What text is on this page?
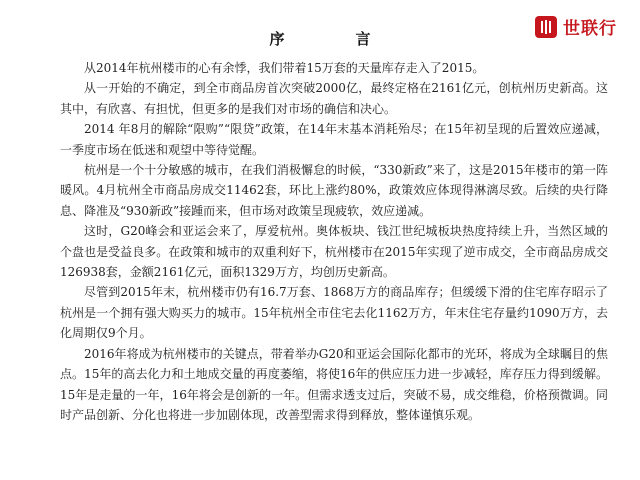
序　言	世联行

从2014年杭州楼市的心有余悸，我们带着15万套的天量库存走入了2015。

从一开始的不确定，到全市商品房首次突破2000亿，最终定格在2161亿元，创杭州历史新高。这其中，有欣喜、有担忧，但更多的是我们对市场的确信和决心。

2014 年8月的解除“限购”“限贷”政策，在14年末基本消耗殆尽；在15年初呈现的后置效应递减，一季度市场在低迷和观望中等待觉醒。

杭州是一个十分敏感的城市，在我们消极懈怠的时候，“330新政”来了，这是2015年楼市的第一阵暖风。4月杭州全市商品房成交11462套，环比上涨约80%，政策效应体现得淋漓尽致。后续的央行降息、降准及“930新政”接踵而来，但市场对政策呈现疲软，效应递减。

这时，G20峰会和亚运会来了，厚爱杭州。奥体板块、钱江世纪城板块热度持续上升，当然区域的个盘也是受益良多。在政策和城市的双重利好下，杭州楼市在2015年实现了逆市成交，全市商品房成交126938套，金额2161亿元，面积1329万方，均创历史新高。

尽管到2015年末，杭州楼市仍有16.7万套、1868万方的商品库存；但缓缓下滑的住宅库存昭示了杭州是一个拥有强大购买力的城市。15年杭州全市住宅去化1162万方，年末住宅存量约1090万方，去化周期仅9个月。

2016年将成为杭州楼市的关键点，带着举办G20和亚运会国际化都市的光环，将成为全球瞩目的焦点。15年的高去化力和土地成交量的再度萎缩，将使16年的供应压力进一步减轻，库存压力得到缓解。15年是走量的一年，16年将会是创新的一年。但需求透支过后，突破不易，成交维稳，价格预微调。同时产品创新、分化也将进一步加剧体现，改善型需求得到释放，整体谨慎乐观。
